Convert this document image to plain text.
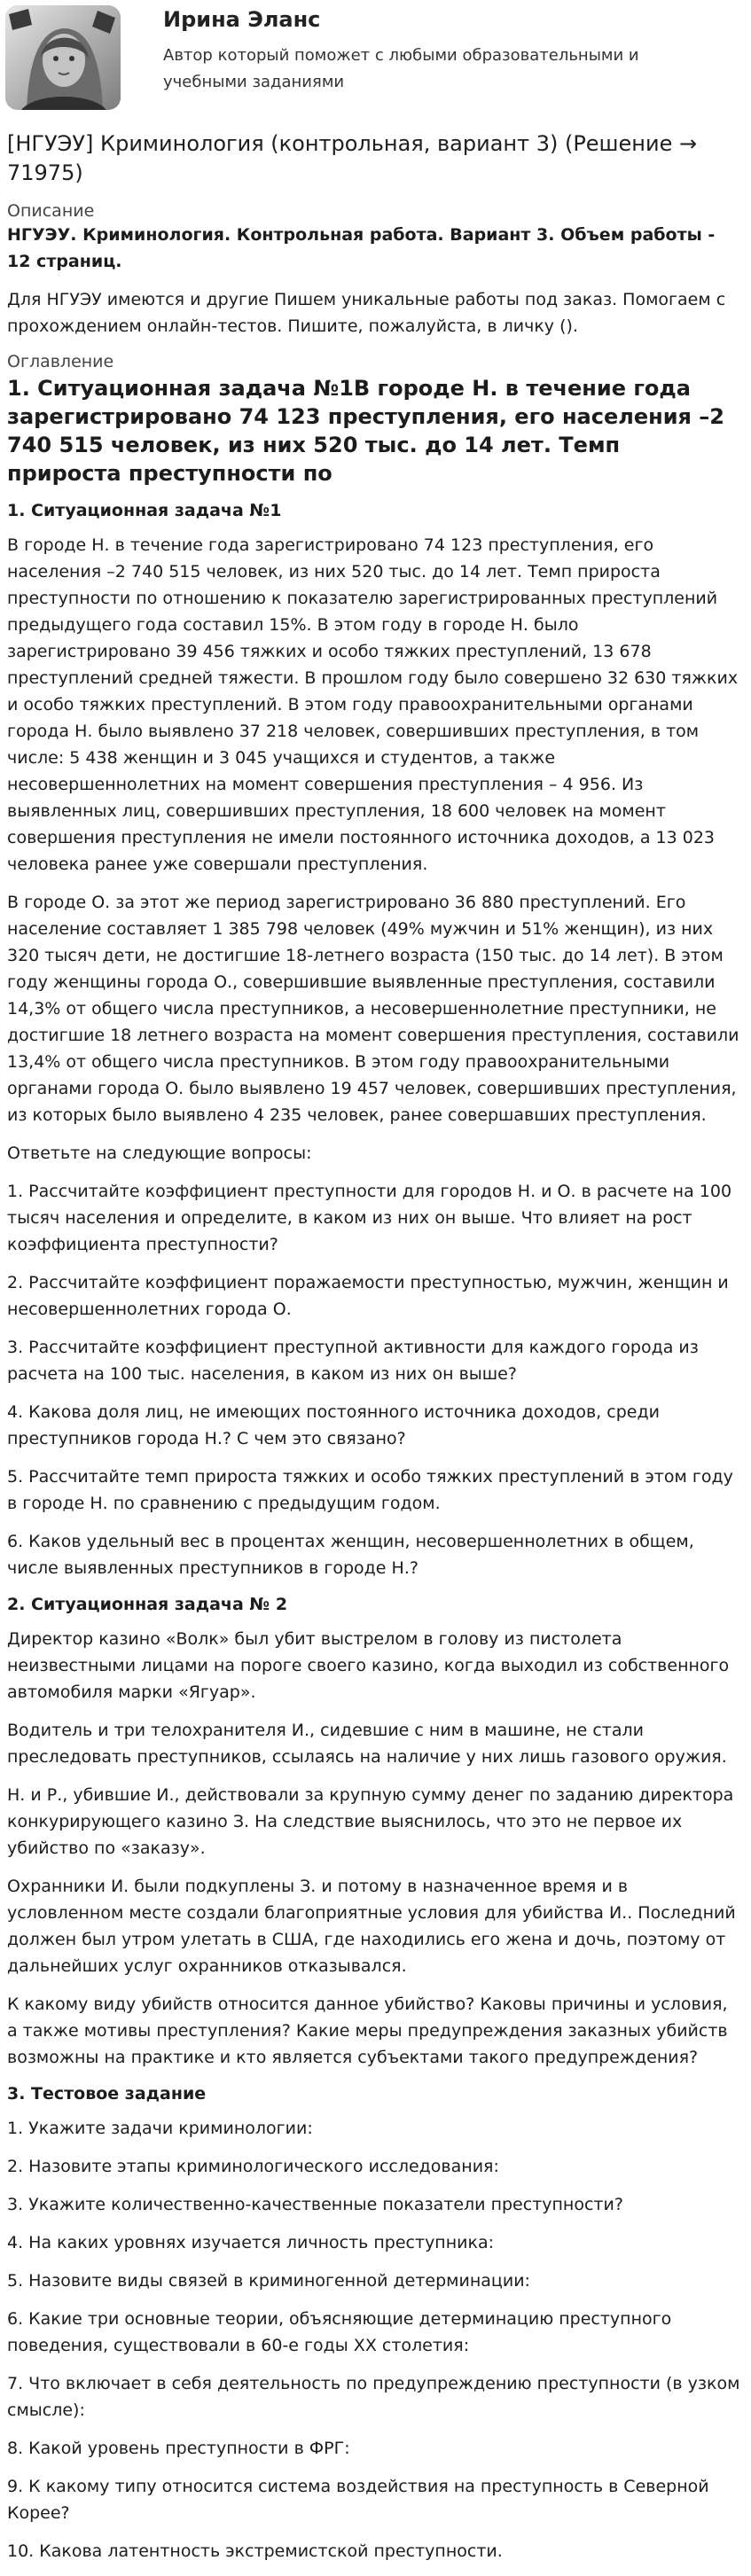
Ирина Эланс
Автор который поможет с любыми образовательными и учебными заданиями
[НГУЭУ] Криминология (контрольная, вариант 3) (Решение → 71975)
Описание

НГУЭУ. Криминология. Контрольная работа. Вариант 3. Объем работы - 12 страниц.

Для НГУЭУ имеются и другие Пишем уникальные работы под заказ. Помогаем с прохождением онлайн-тестов. Пишите, пожалуйста, в личку ().

Оглавление
1. Ситуационная задача №1В городе Н. в течение года зарегистрировано 74 123 преступления, его населения –2 740 515 человек, из них 520 тыс. до 14 лет. Темп прироста преступности по
1. Ситуационная задача №1

В городе Н. в течение года зарегистрировано 74 123 преступления, его населения –2 740 515 человек, из них 520 тыс. до 14 лет. Темп прироста преступности по отношению к показателю зарегистрированных преступлений предыдущего года составил 15%. В этом году в городе Н. было зарегистрировано 39 456 тяжких и особо тяжких преступлений, 13 678 преступлений средней тяжести. В прошлом году было совершено 32 630 тяжких и особо тяжких преступлений. В этом году правоохранительными органами города Н. было выявлено 37 218 человек, совершивших преступления, в том числе: 5 438 женщин и 3 045 учащихся и студентов, а также несовершеннолетних на момент совершения преступления – 4 956. Из выявленных лиц, совершивших преступления, 18 600 человек на момент совершения преступления не имели постоянного источника доходов, а 13 023 человека ранее уже совершали преступления.

В городе О. за этот же период зарегистрировано 36 880 преступлений. Его население составляет 1 385 798 человек (49% мужчин и 51% женщин), из них 320 тысяч дети, не достигшие 18-летнего возраста (150 тыс. до 14 лет). В этом году женщины города О., совершившие выявленные преступления, составили 14,3% от общего числа преступников, а несовершеннолетние преступники, не достигшие 18 летнего возраста на момент совершения преступления, составили 13,4% от общего числа преступников. В этом году правоохранительными органами города О. было выявлено 19 457 человек, совершивших преступления, из которых было выявлено 4 235 человек, ранее совершавших преступления.

Ответьте на следующие вопросы:

1. Рассчитайте коэффициент преступности для городов Н. и О. в расчете на 100 тысяч населения и определите, в каком из них он выше. Что влияет на рост коэффициента преступности?

2. Рассчитайте коэффициент поражаемости преступностью, мужчин, женщин и несовершеннолетних города О.

3. Рассчитайте коэффициент преступной активности для каждого города из расчета на 100 тыс. населения, в каком из них он выше?

4. Какова доля лиц, не имеющих постоянного источника доходов, среди преступников города Н.? С чем это связано?

5. Рассчитайте темп прироста тяжких и особо тяжких преступлений в этом году в городе Н. по сравнению с предыдущим годом.

6. Каков удельный вес в процентах женщин, несовершеннолетних в общем, числе выявленных преступников в городе Н.?

2. Ситуационная задача № 2

Директор казино «Волк» был убит выстрелом в голову из пистолета неизвестными лицами на пороге своего казино, когда выходил из собственного автомобиля марки «Ягуар».

Водитель и три телохранителя И., сидевшие с ним в машине, не стали преследовать преступников, ссылаясь на наличие у них лишь газового оружия.

Н. и Р., убившие И., действовали за крупную сумму денег по заданию директора конкурирующего казино З. На следствие выяснилось, что это не первое их убийство по «заказу».

Охранники И. были подкуплены З. и потому в назначенное время и в условленном месте создали благоприятные условия для убийства И.. Последний должен был утром улетать в США, где находились его жена и дочь, поэтому от дальнейших услуг охранников отказывался.

К какому виду убийств относится данное убийство? Каковы причины и условия, а также мотивы преступления? Какие меры предупреждения заказных убийств возможны на практике и кто является субъектами такого предупреждения?

3. Тестовое задание

1. Укажите задачи криминологии:

2. Назовите этапы криминологического исследования:

3. Укажите количественно-качественные показатели преступности?

4. На каких уровнях изучается личность преступника:

5. Назовите виды связей в криминогенной детерминации:

6. Какие три основные теории, объясняющие детерминацию преступного поведения, существовали в 60-е годы XX столетия:

7. Что включает в себя деятельность по предупреждению преступности (в узком смысле):

8. Какой уровень преступности в ФРГ:

9. К какому типу относится система воздействия на преступность в Северной Корее?

10. Какова латентность экстремистской преступности.
